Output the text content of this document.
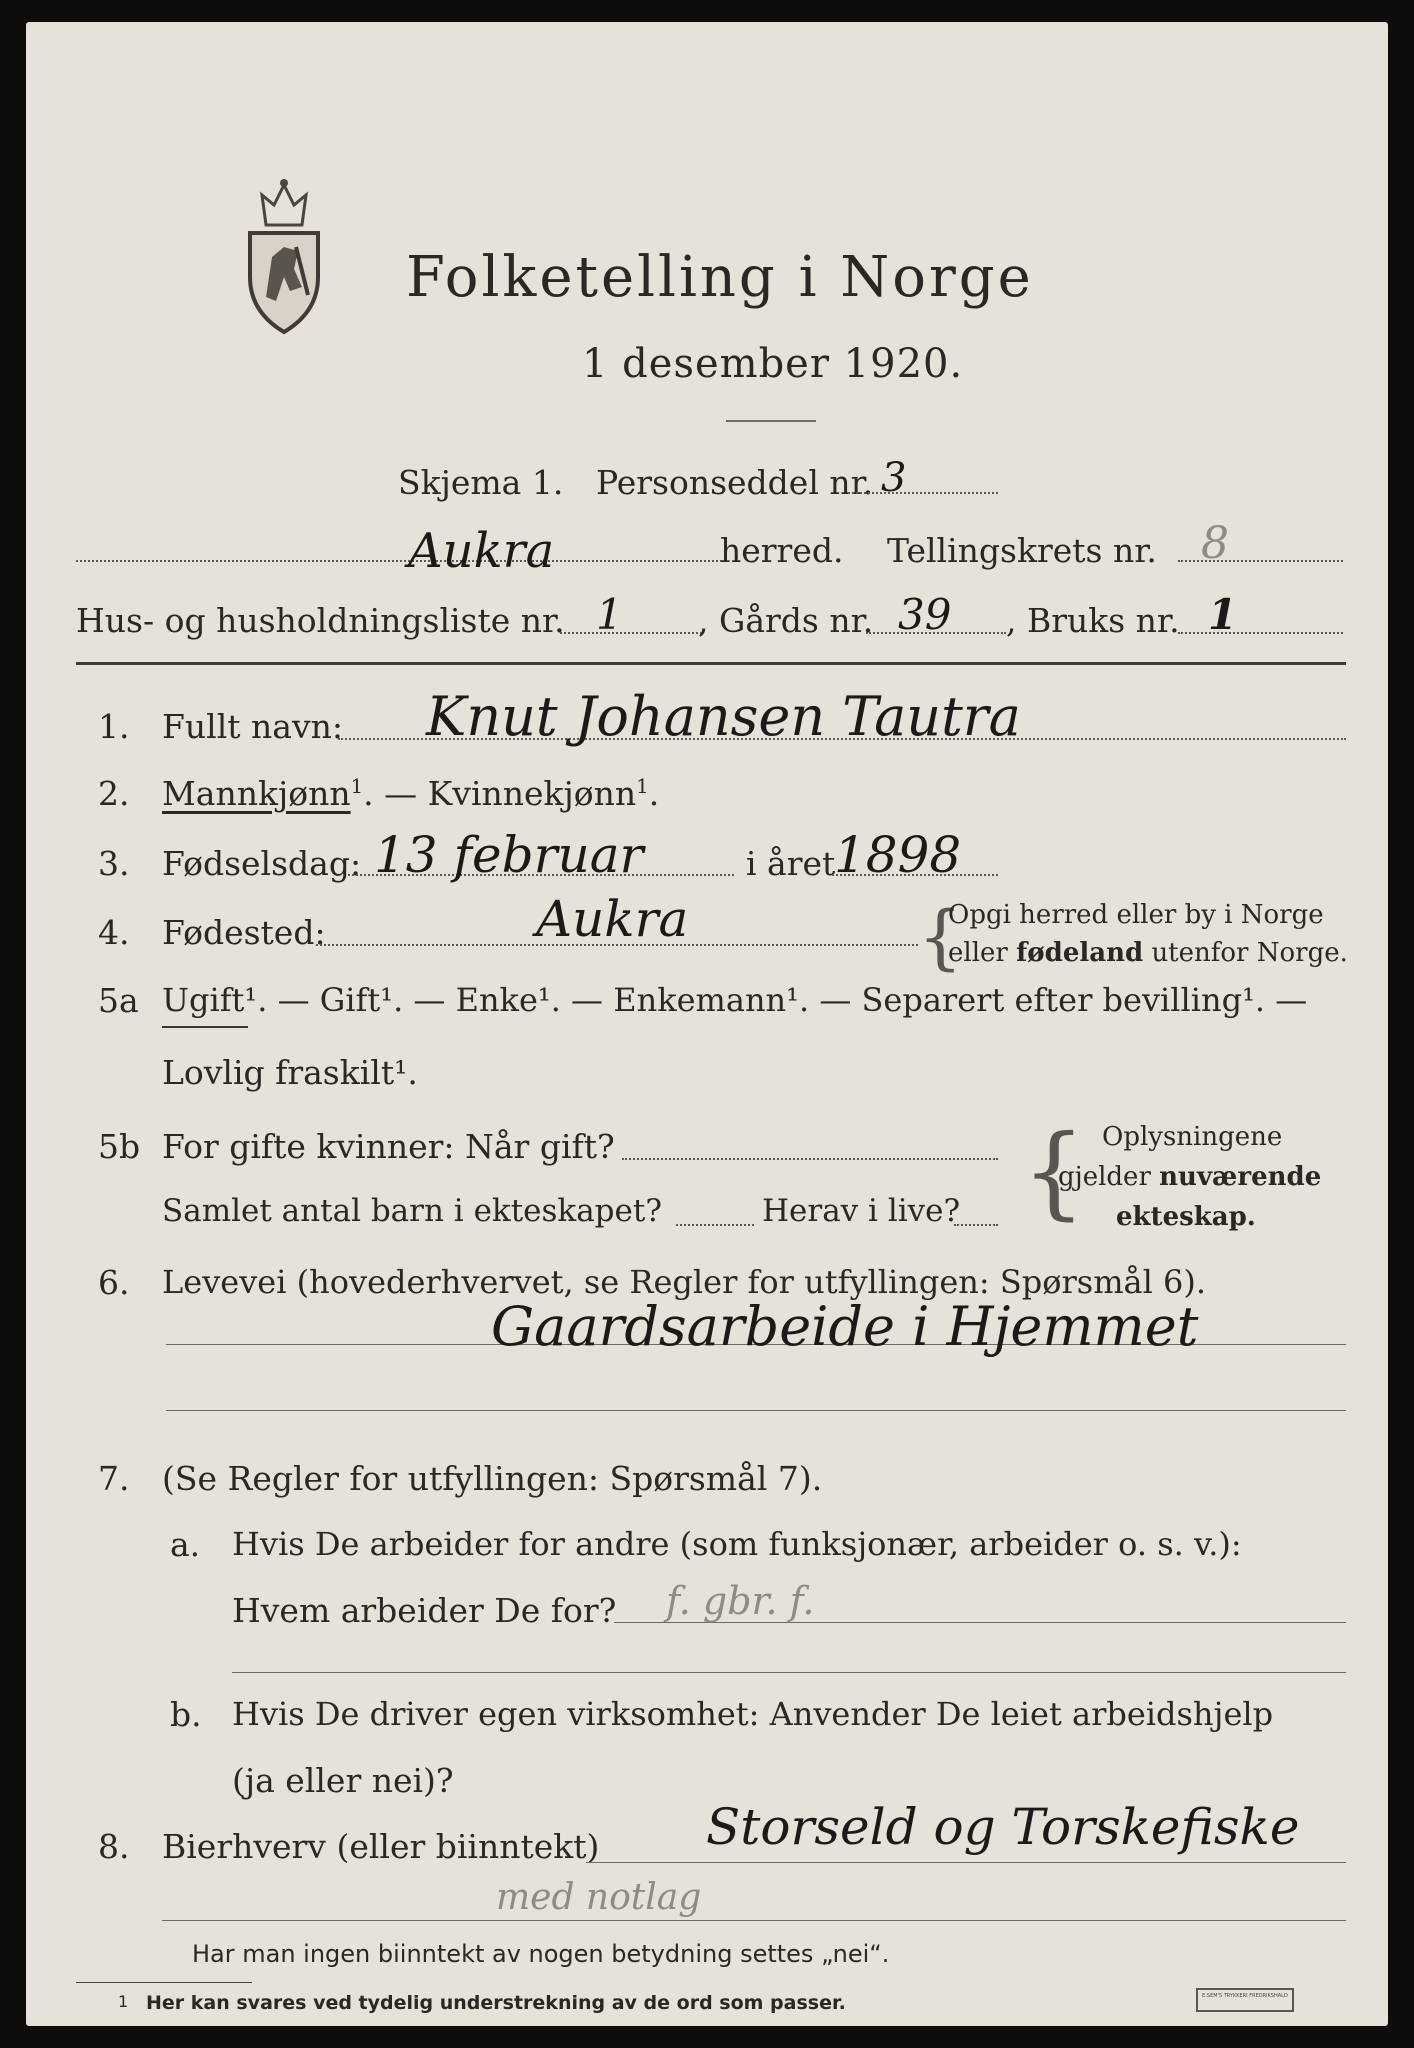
Folketelling i Norge
1 desember 1920.
Skjema 1. Personseddel nr. 3
Aukra	herred. Tellingskrets nr. 8
Hus- og husholdningsliste nr. 1 , Gårds nr. 39 , Bruks nr. 1
1. Fullt navn: Knut Johansen Tautra
2. Mannkjønn$^1$. — Kvinnekjønn$^1$.
3. Fødselsdag: 13 februar	i året
1898
4. Fødested:	Aukra	{
Opgi herred eller by i Norge
eller fødeland utenfor Norge.
5a Ugift¹. — Gift¹. — Enke¹. — Enkemann¹. — Separert efter bevilling¹. —
Lovlig fraskilt¹.
5b For gifte kvinner: Når gift?
Samlet antal barn i ekteskapet?	Herav i live? { Oplysningene
gjelder nuværende
ekteskap.
6. Levevei (hovederhvervet, se Regler for utfyllingen: Spørsmål 6).
Gaardsarbeide i Hjemmet
7. (Se Regler for utfyllingen: Spørsmål 7).
a. Hvis De arbeider for andre (som funksjonær, arbeider o. s. v.):
Hvem arbeider De for? f. gbr. f.
b. Hvis De driver egen virksomhet: Anvender De leiet arbeidshjelp
(ja eller nei)?
8. Bierhverv (eller biinntekt) Storseld og Torskefiske
med notlag
Har man ingen biinntekt av nogen betydning settes „nei“.
1 Her kan svares ved tydelig understrekning av de ord som passer.	E.SEM'S TRYKKERI FREDRIKSHALD
